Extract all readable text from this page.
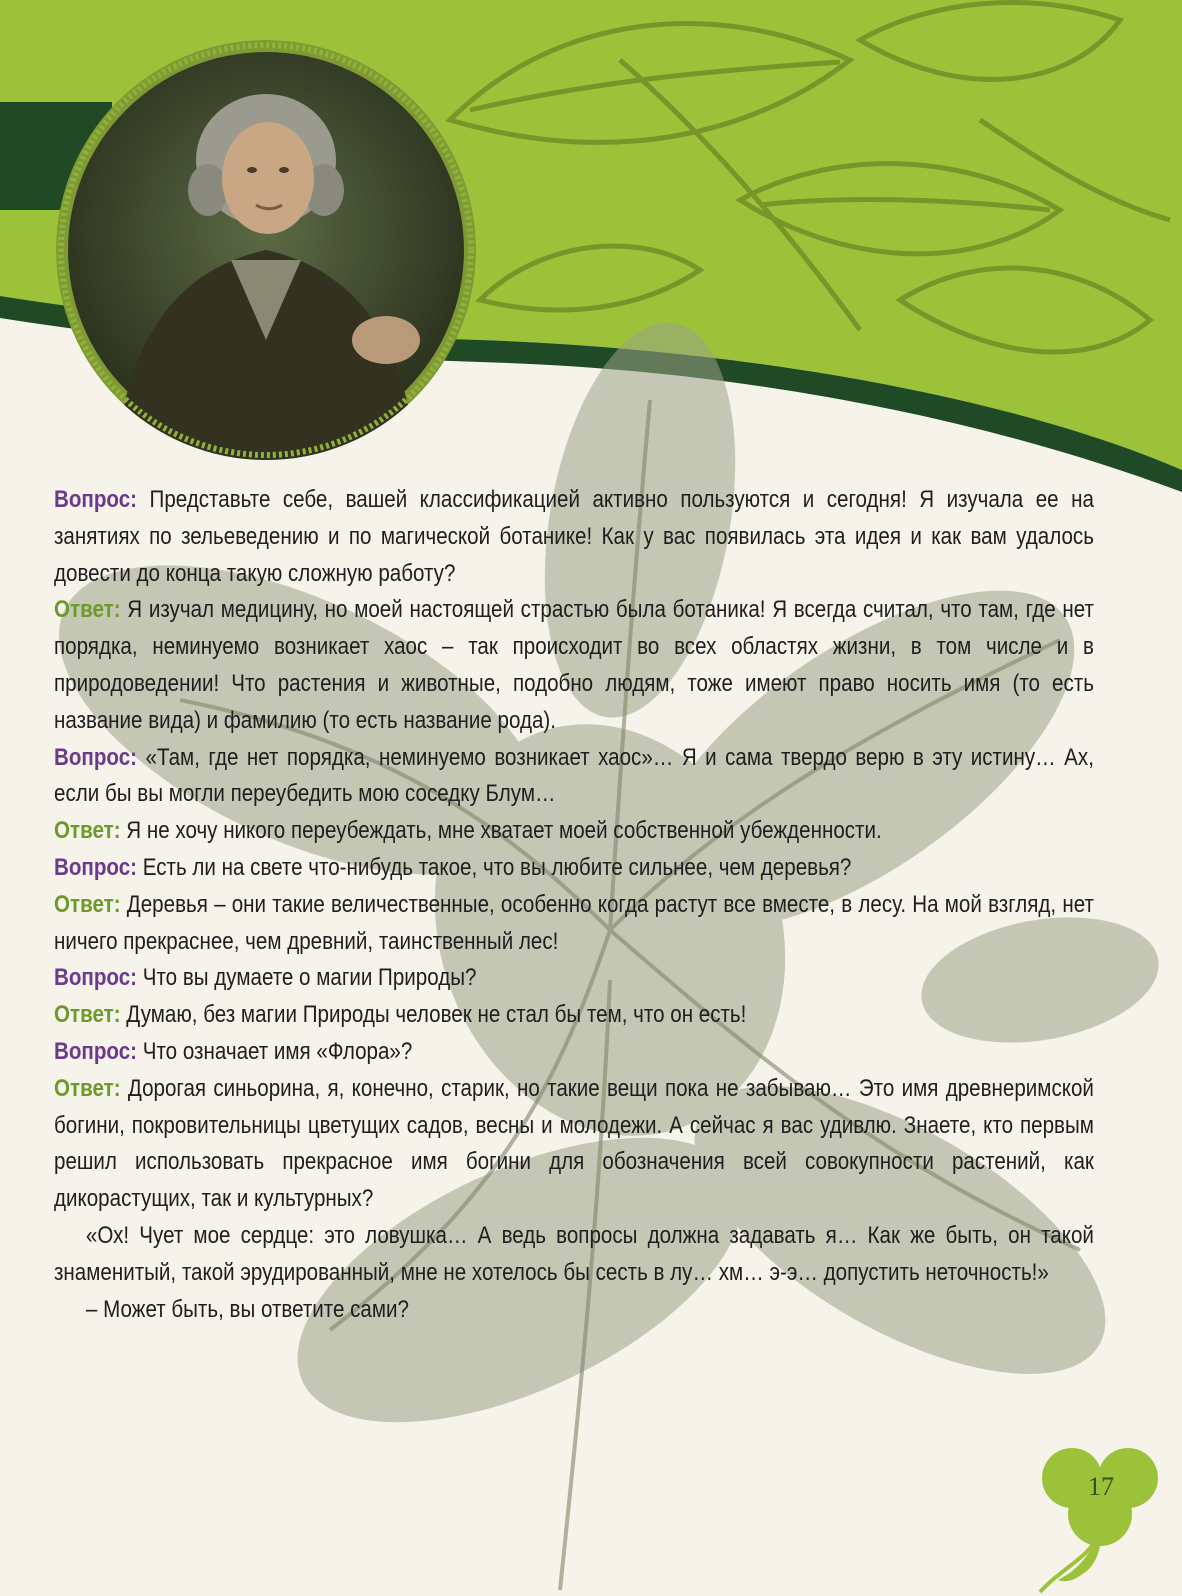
Вопрос: Представьте себе, вашей классификацией активно пользуются и сегодня! Я изучала ее на занятиях по зельеведению и по магической ботанике! Как у вас появилась эта идея и как вам удалось довести до конца такую сложную работу?

Ответ: Я изучал медицину, но моей настоящей страстью была ботаника! Я всегда считал, что там, где нет порядка, неминуемо возникает хаос – так происходит во всех областях жизни, в том числе и в природоведении! Что растения и животные, подобно людям, тоже имеют право носить имя (то есть название вида) и фамилию (то есть название рода).

Вопрос: «Там, где нет порядка, неминуемо возникает хаос»… Я и сама твердо верю в эту истину… Ах, если бы вы могли переубедить мою соседку Блум…

Ответ: Я не хочу никого переубеждать, мне хватает моей собственной убежденности.

Вопрос: Есть ли на свете что-нибудь такое, что вы любите сильнее, чем деревья?

Ответ: Деревья – они такие величественные, особенно когда растут все вместе, в лесу. На мой взгляд, нет ничего прекраснее, чем древний, таинственный лес!

Вопрос: Что вы думаете о магии Природы?

Ответ: Думаю, без магии Природы человек не стал бы тем, что он есть!

Вопрос: Что означает имя «Флора»?

Ответ: Дорогая синьорина, я, конечно, старик, но такие вещи пока не забываю… Это имя древнеримской богини, покровительницы цветущих садов, весны и молодежи. А сейчас я вас удивлю. Знаете, кто первым решил использовать прекрасное имя богини для обозначения всей совокупности растений, как дикорастущих, так и культурных?

«Ох! Чует мое сердце: это ловушка… А ведь вопросы должна задавать я… Как же быть, он такой знаменитый, такой эрудированный, мне не хотелось бы сесть в лу… хм… э-э… допустить неточность!»

– Может быть, вы ответите сами?

17
